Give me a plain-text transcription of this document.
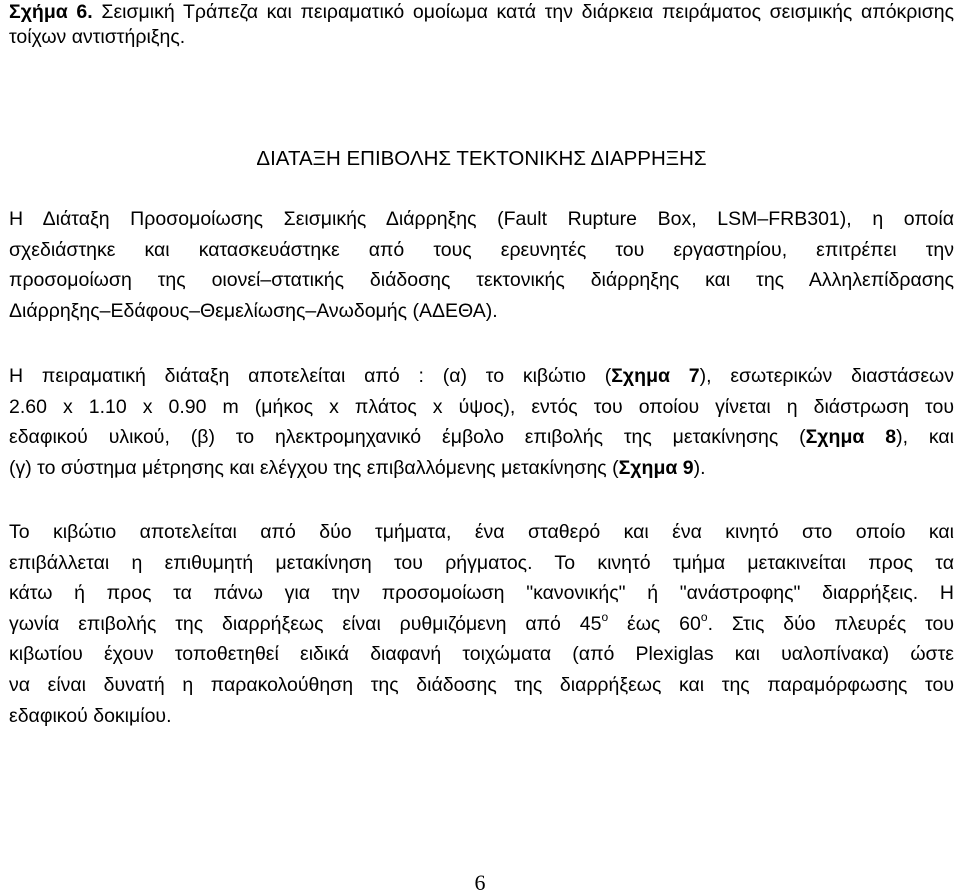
Σχήμα 6. Σεισμική Τράπεζα και πειραματικό ομοίωμα κατά την διάρκεια πειράματος σεισμικής απόκρισης τοίχων αντιστήριξης.
ΔΙΑΤΑΞΗ ΕΠΙΒΟΛΗΣ ΤΕΚΤΟΝΙΚΗΣ ΔΙΑΡΡΗΞΗΣ
Η Διάταξη Προσομοίωσης Σεισμικής Διάρρηξης (Fault Rupture Box, LSM–FRB301), η οποία
σχεδιάστηκε και κατασκευάστηκε από τους ερευνητές του εργαστηρίου, επιτρέπει την
προσομοίωση της οιονεί–στατικής διάδοσης τεκτονικής διάρρηξης και της Αλληλεπίδρασης
Διάρρηξης–Εδάφους–Θεμελίωσης–Ανωδομής (ΑΔΕΘΑ).
Η πειραματική διάταξη αποτελείται από : (α) το κιβώτιο (Σχημα 7), εσωτερικών διαστάσεων
2.60 x 1.10 x 0.90 m (μήκος x πλάτος x ύψος), εντός του οποίου γίνεται η διάστρωση του
εδαφικού υλικού, (β) το ηλεκτρομηχανικό έμβολο επιβολής της μετακίνησης (Σχημα 8), και
(γ) το σύστημα μέτρησης και ελέγχου της επιβαλλόμενης μετακίνησης (Σχημα 9).
Το κιβώτιο αποτελείται από δύο τμήματα, ένα σταθερό και ένα κινητό στο οποίο και
επιβάλλεται η επιθυμητή μετακίνηση του ρήγματος. Το κινητό τμήμα μετακινείται προς τα
κάτω ή προς τα πάνω για την προσομοίωση "κανονικής" ή "ανάστροφης" διαρρήξεις. Η
γωνία επιβολής της διαρρήξεως είναι ρυθμιζόμενη από $45^o$ έως $60^o$. Στις δύο πλευρές του
κιβωτίου έχουν τοποθετηθεί ειδικά διαφανή τοιχώματα (από Plexiglas και υαλοπίνακα) ώστε
να είναι δυνατή η παρακολούθηση της διάδοσης της διαρρήξεως και της παραμόρφωσης του
εδαφικού δοκιμίου.
6
